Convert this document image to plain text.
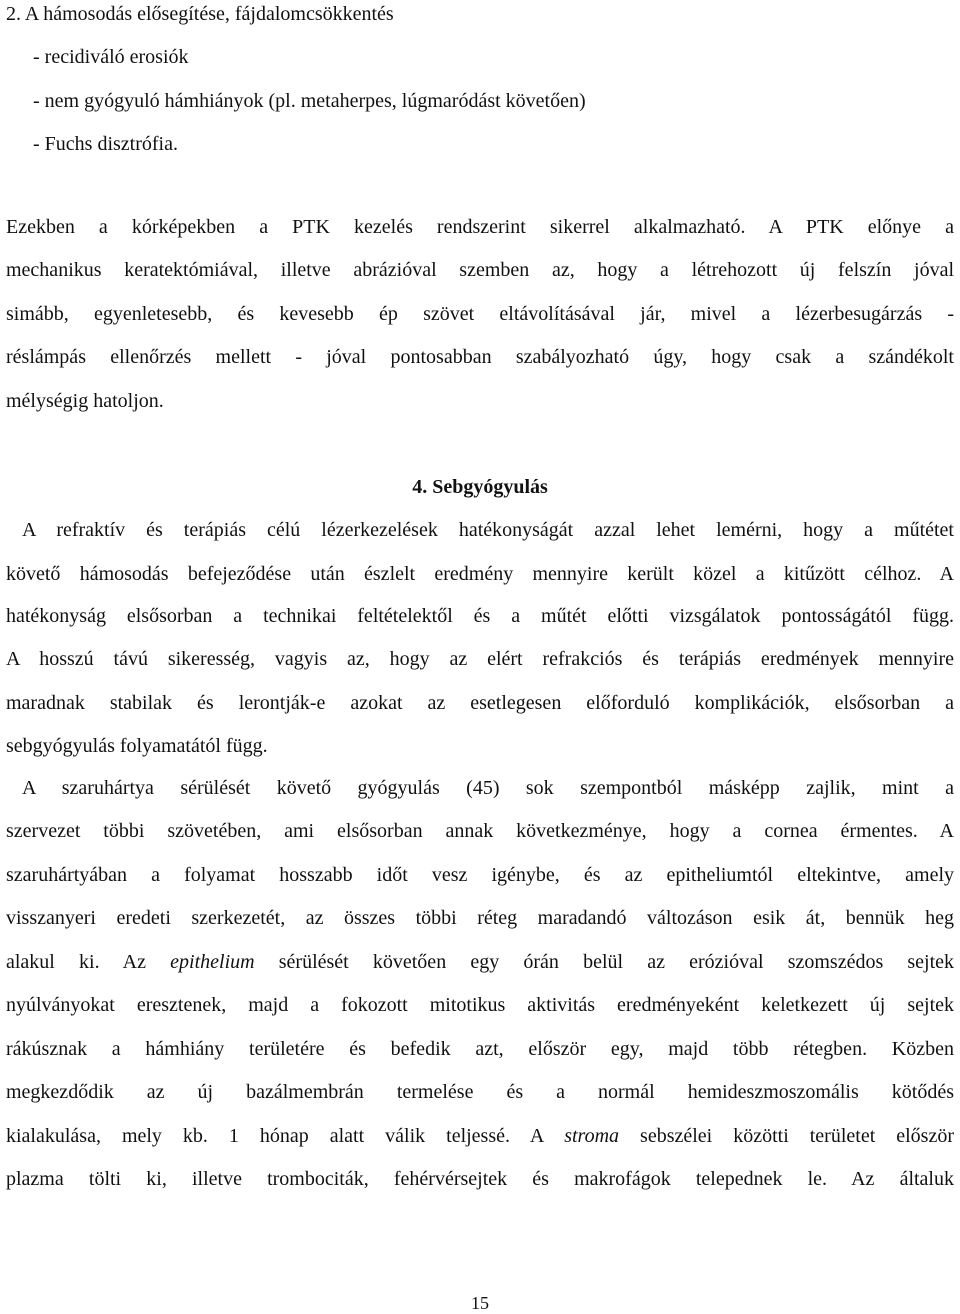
2. A hámosodás elősegítése, fájdalomcsökkentés

- recidiváló erosiók

- nem gyógyuló hámhiányok (pl. metaherpes, lúgmaródást követően)

- Fuchs disztrófia.

Ezekben a kórképekben a PTK kezelés rendszerint sikerrel alkalmazható. A PTK előnye a

mechanikus keratektómiával, illetve abrázióval szemben az, hogy a létrehozott új felszín jóval

simább, egyenletesebb, és kevesebb ép szövet eltávolításával jár, mivel a lézerbesugárzás -

réslámpás ellenőrzés mellett - jóval pontosabban szabályozható úgy, hogy csak a szándékolt

mélységig hatoljon.

4. Sebgyógyulás

A refraktív és terápiás célú lézerkezelések hatékonyságát azzal lehet lemérni, hogy a műtétet

követő hámosodás befejeződése után észlelt eredmény mennyire került közel a kitűzött célhoz. A

hatékonyság elsősorban a technikai feltételektől és a műtét előtti vizsgálatok pontosságától függ.

A hosszú távú sikeresség, vagyis az, hogy az elért refrakciós és terápiás eredmények mennyire

maradnak stabilak és lerontják-e azokat az esetlegesen előforduló komplikációk, elsősorban a

sebgyógyulás folyamatától függ.

A szaruhártya sérülését követő gyógyulás (45) sok szempontból másképp zajlik, mint a

szervezet többi szövetében, ami elsősorban annak következménye, hogy a cornea érmentes. A

szaruhártyában a folyamat hosszabb időt vesz igénybe, és az epitheliumtól eltekintve, amely

visszanyeri eredeti szerkezetét, az összes többi réteg maradandó változáson esik át, bennük heg

alakul ki. Az epithelium sérülését követően egy órán belül az erózióval szomszédos sejtek

nyúlványokat eresztenek, majd a fokozott mitotikus aktivitás eredményeként keletkezett új sejtek

rákúsznak a hámhiány területére és befedik azt, először egy, majd több rétegben. Közben

megkezdődik az új bazálmembrán termelése és a normál hemideszmoszomális kötődés

kialakulása, mely kb. 1 hónap alatt válik teljessé. A stroma sebszélei közötti területet először

plazma tölti ki, illetve trombociták, fehérvérsejtek és makrofágok telepednek le. Az általuk

15
